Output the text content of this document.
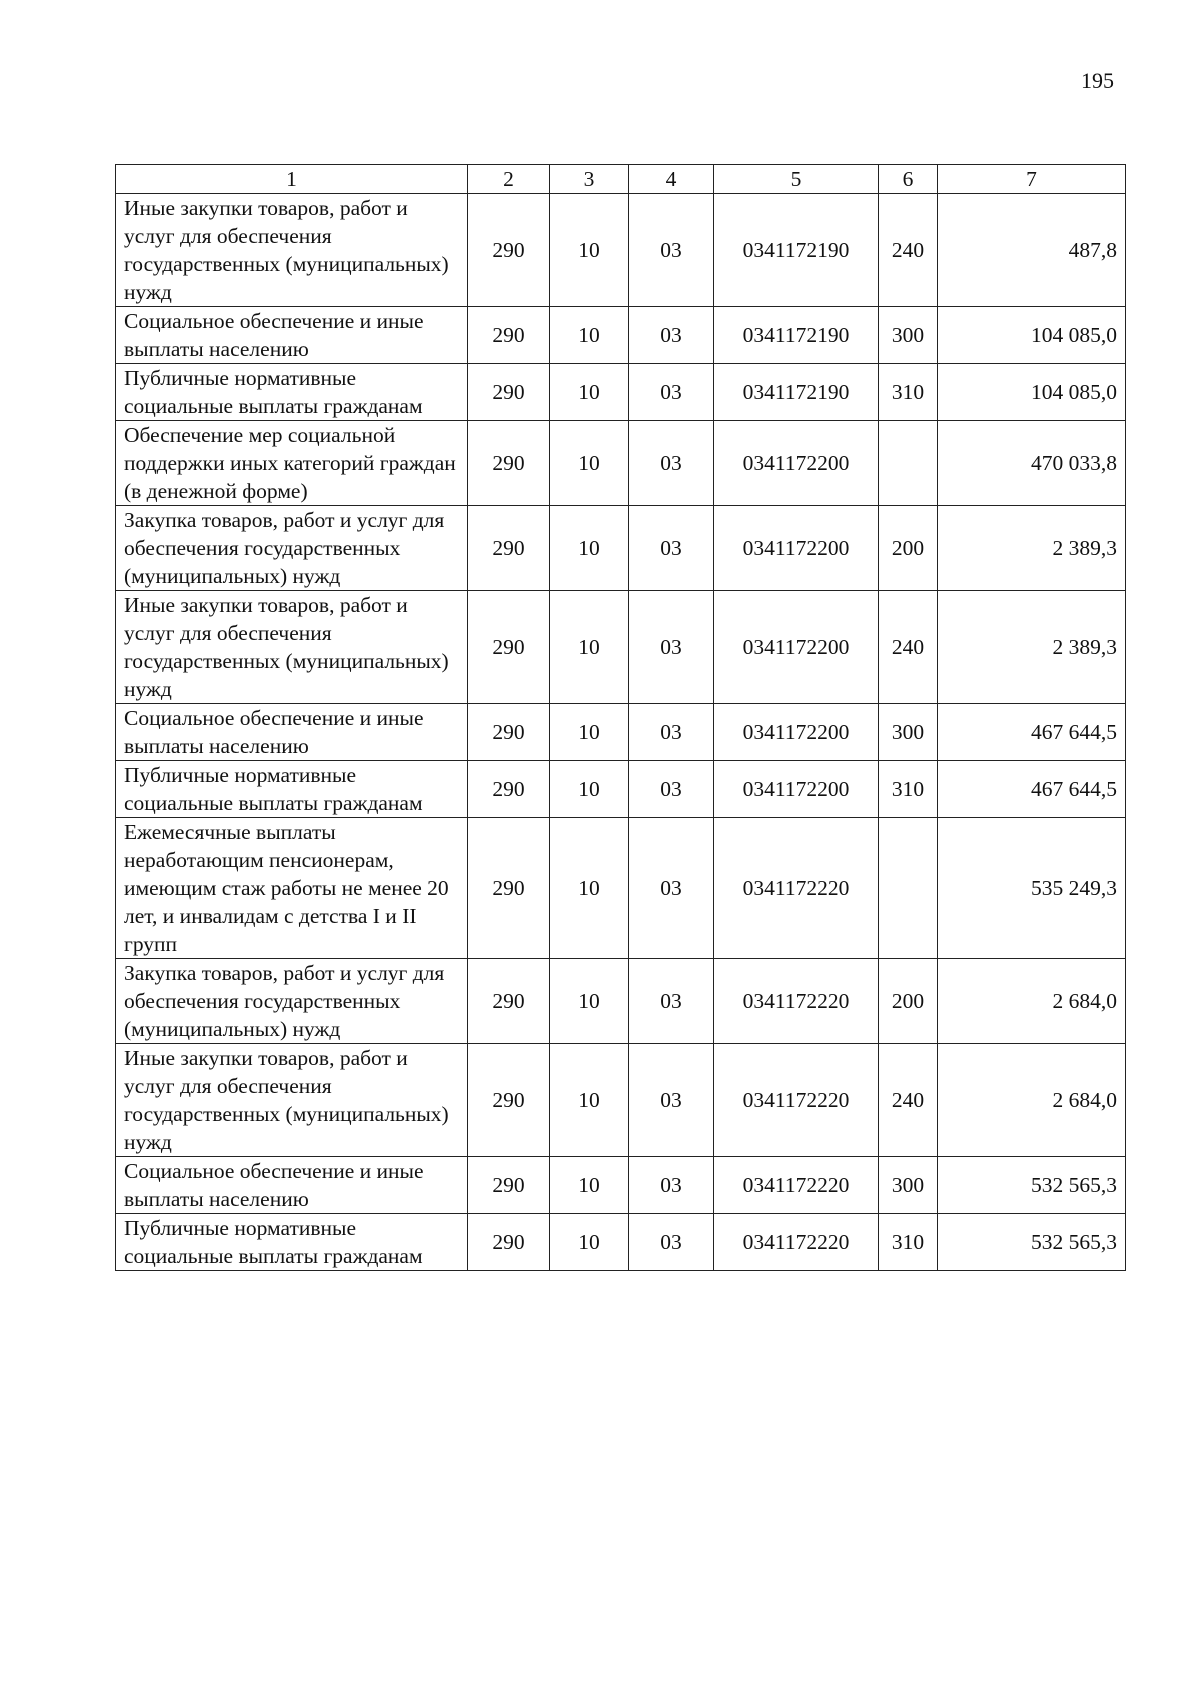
195
1	2	3	4	5	6	7
Иные закупки товаров, работ и услуг для обеспечения государственных (муниципальных) нужд	290	10	03	0341172190	240	487,8
Социальное обеспечение и иные выплаты населению	290	10	03	0341172190	300	104 085,0
Публичные нормативные социальные выплаты гражданам	290	10	03	0341172190	310	104 085,0
Обеспечение мер социальной поддержки иных категорий граждан (в денежной форме)	290	10	03	0341172200		470 033,8
Закупка товаров, работ и услуг для обеспечения государственных (муниципальных) нужд	290	10	03	0341172200	200	2 389,3
Иные закупки товаров, работ и услуг для обеспечения государственных (муниципальных) нужд	290	10	03	0341172200	240	2 389,3
Социальное обеспечение и иные выплаты населению	290	10	03	0341172200	300	467 644,5
Публичные нормативные социальные выплаты гражданам	290	10	03	0341172200	310	467 644,5
Ежемесячные выплаты неработающим пенсионерам, имеющим стаж работы не менее 20 лет, и инвалидам с детства I и II групп	290	10	03	0341172220		535 249,3
Закупка товаров, работ и услуг для обеспечения государственных (муниципальных) нужд	290	10	03	0341172220	200	2 684,0
Иные закупки товаров, работ и услуг для обеспечения государственных (муниципальных) нужд	290	10	03	0341172220	240	2 684,0
Социальное обеспечение и иные выплаты населению	290	10	03	0341172220	300	532 565,3
Публичные нормативные социальные выплаты гражданам	290	10	03	0341172220	310	532 565,3
